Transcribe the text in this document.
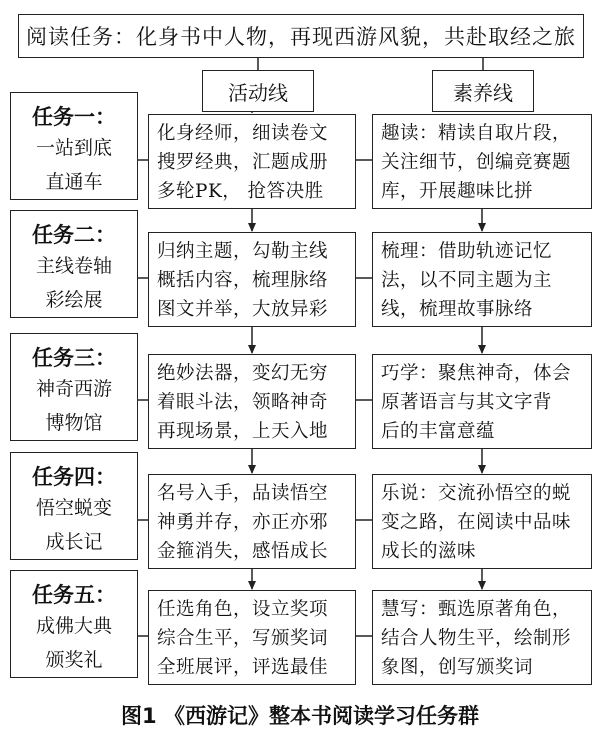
阅读任务：化身书中人物，再现西游风貌，共赴取经之旅
活动线	素养线
任务一：
一站到底
直通车
化身经师，细读卷文
搜罗经典，汇题成册
多轮PK， 抢答决胜
趣读：精读自取片段，
关注细节，创编竞赛题
库，开展趣味比拼
任务二：
主线卷轴
彩绘展
归纳主题，勾勒主线
概括内容，梳理脉络
图文并举，大放异彩
梳理：借助轨迹记忆
法，以不同主题为主
线，梳理故事脉络
任务三：
神奇西游
博物馆
绝妙法器，变幻无穷
着眼斗法，领略神奇
再现场景，上天入地
巧学：聚焦神奇，体会
原著语言与其文字背
后的丰富意蕴
任务四：
悟空蜕变
成长记
名号入手，品读悟空
神勇并存，亦正亦邪
金箍消失，感悟成长
乐说：交流孙悟空的蜕
变之路，在阅读中品味
成长的滋味
任务五：
成佛大典
颁奖礼
任选角色，设立奖项
综合生平，写颁奖词
全班展评，评选最佳
慧写：甄选原著角色，
结合人物生平，绘制形
象图，创写颁奖词
图1 《西游记》整本书阅读学习任务群
